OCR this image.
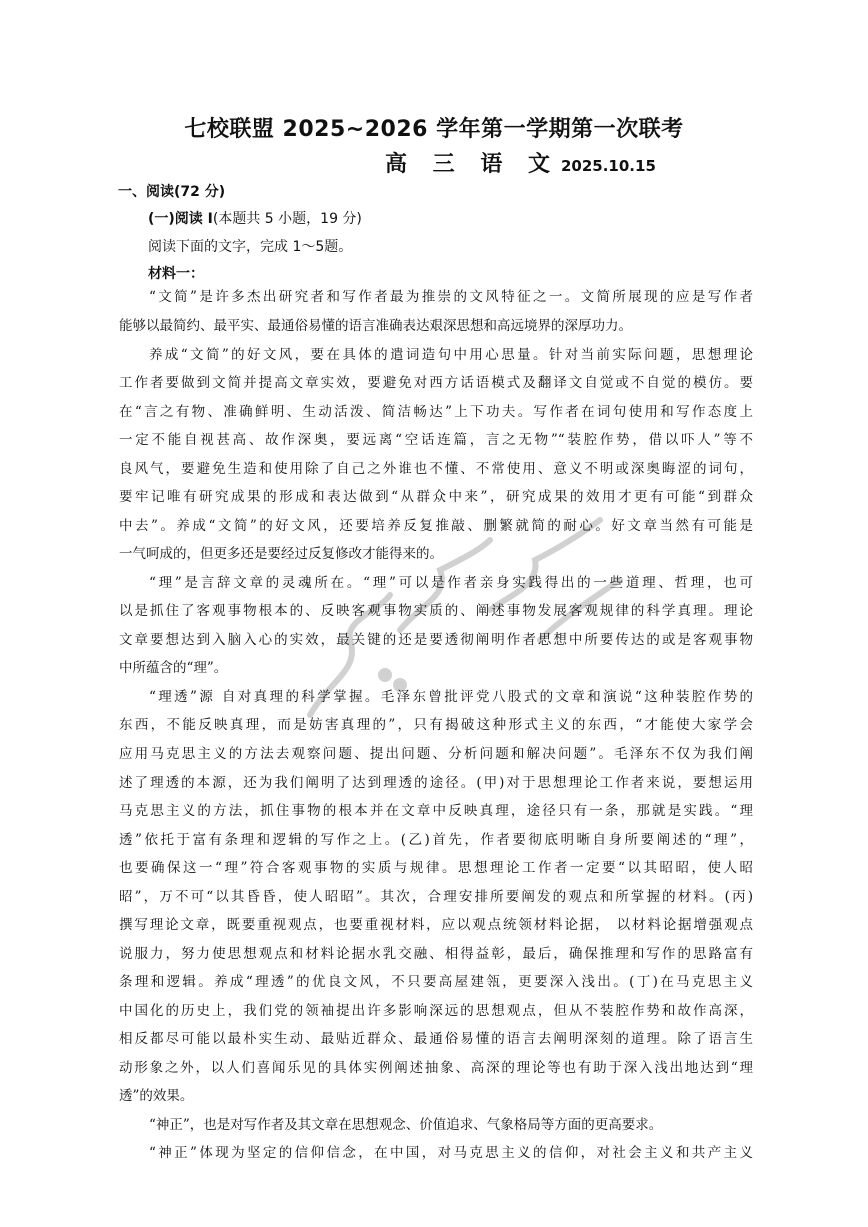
七校联盟 2025~2026 学年第一学期第一次联考
高 三 语 文 2025.10.15
一、阅读(72 分)
(一)阅读 Ⅰ(本题共 5 小题，19 分)
阅读下面的文字，完成 1～5题。
材料一：
“文简”是许多杰出研究者和写作者最为推崇的文风特征之一。文简所展现的应是写作者
能够以最简约、最平实、最通俗易懂的语言准确表达艰深思想和高远境界的深厚功力。
养成“文简”的好文风，要在具体的遣词造句中用心思量。针对当前实际问题，思想理论
工作者要做到文简并提高文章实效，要避免对西方话语模式及翻译文自觉或不自觉的模仿。要
在“言之有物、准确鲜明、生动活泼、简洁畅达”上下功夫。写作者在词句使用和写作态度上
一定不能自视甚高、故作深奥，要远离“空话连篇，言之无物”“装腔作势，借以吓人”等不
良风气，要避免生造和使用除了自己之外谁也不懂、不常使用、意义不明或深奥晦涩的词句，
要牢记唯有研究成果的形成和表达做到“从群众中来”，研究成果的效用才更有可能“到群众
中去”。养成“文简”的好文风，还要培养反复推敲、删繁就简的耐心。好文章当然有可能是
一气呵成的，但更多还是要经过反复修改才能得来的。
“理”是言辞文章的灵魂所在。“理”可以是作者亲身实践得出的一些道理、哲理，也可
以是抓住了客观事物根本的、反映客观事物实质的、阐述事物发展客观规律的科学真理。理论
文章要想达到入脑入心的实效，最关键的还是要透彻阐明作者思想中所要传达的或是客观事物
中所蕴含的“理”。
“理透”源 自对真理的科学掌握。毛泽东曾批评党八股式的文章和演说“这种装腔作势的
东西，不能反映真理，而是妨害真理的”，只有揭破这种形式主义的东西，“才能使大家学会
应用马克思主义的方法去观察问题、提出问题、分析问题和解决问题”。毛泽东不仅为我们阐
述了理透的本源，还为我们阐明了达到理透的途径。(甲)对于思想理论工作者来说，要想运用
马克思主义的方法，抓住事物的根本并在文章中反映真理，途径只有一条，那就是实践。“理
透”依托于富有条理和逻辑的写作之上。(乙)首先，作者要彻底明晰自身所要阐述的“理”，
也要确保这一“理”符合客观事物的实质与规律。思想理论工作者一定要“以其昭昭，使人昭
昭”，万不可“以其昏昏，使人昭昭”。其次，合理安排所要阐发的观点和所掌握的材料。(丙)
撰写理论文章，既要重视观点，也要重视材料，应以观点统领材料论据， 以材料论据增强观点
说服力，努力使思想观点和材料论据水乳交融、相得益彰，最后，确保推理和写作的思路富有
条理和逻辑。养成“理透”的优良文风，不只要高屋建瓴，更要深入浅出。(丁)在马克思主义
中国化的历史上，我们党的领袖提出许多影响深远的思想观点，但从不装腔作势和故作高深，
相反都尽可能以最朴实生动、最贴近群众、最通俗易懂的语言去阐明深刻的道理。除了语言生
动形象之外，以人们喜闻乐见的具体实例阐述抽象、高深的理论等也有助于深入浅出地达到“理
透”的效果。
“神正”，也是对写作者及其文章在思想观念、价值追求、气象格局等方面的更高要求。
“神正”体现为坚定的信仰信念，在中国，对马克思主义的信仰，对社会主义和共产主义
